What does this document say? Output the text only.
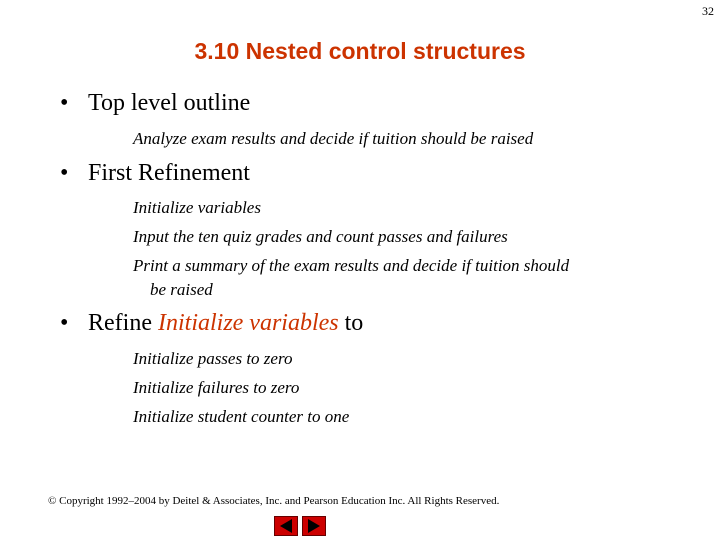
32
3.10 Nested control structures
• Top level outline
Analyze exam results and decide if tuition should be raised
• First Refinement
Initialize variables
Input the ten quiz grades and count passes and failures
Print a summary of the exam results and decide if tuition should
be raised
• Refine Initialize variables to
Initialize passes to zero
Initialize failures to zero
Initialize student counter to one
© Copyright 1992–2004 by Deitel & Associates, Inc. and Pearson Education Inc. All Rights Reserved.
